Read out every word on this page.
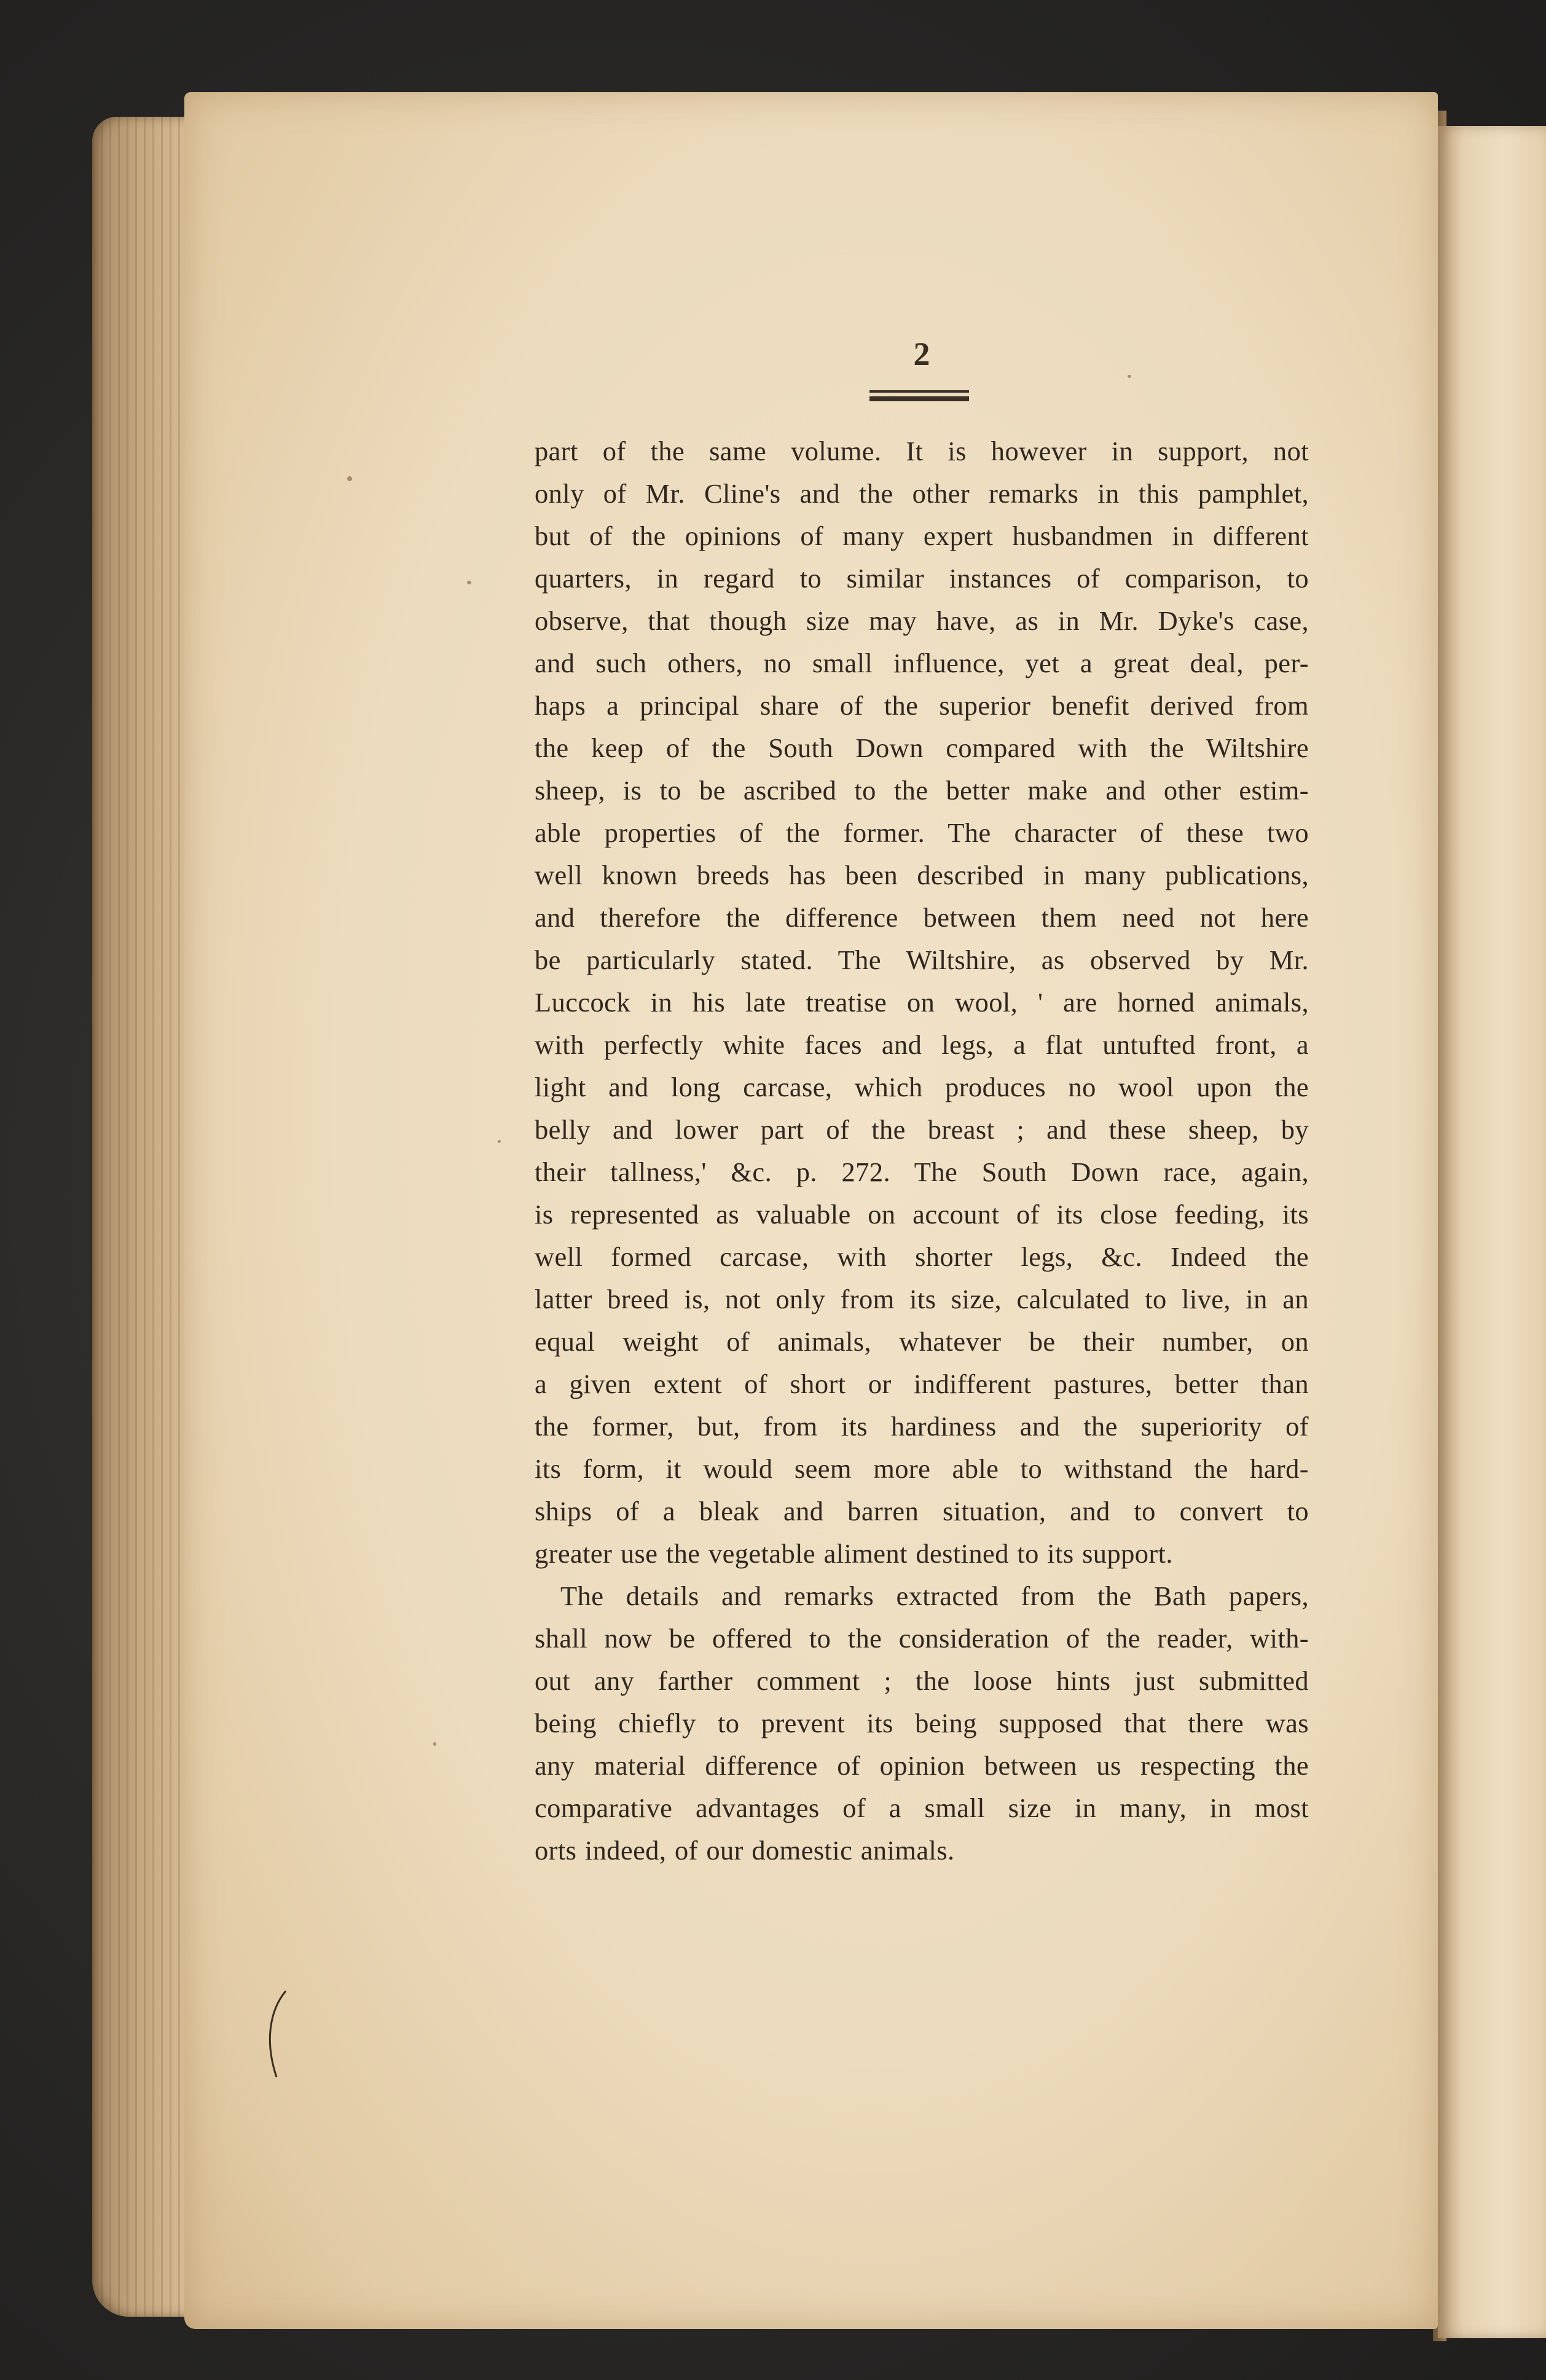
2
part of the same volume. It is however in support, not
only of Mr. Cline's and the other remarks in this pamphlet,
but of the opinions of many expert husbandmen in different
quarters, in regard to similar instances of comparison, to
observe, that though size may have, as in Mr. Dyke's case,
and such others, no small influence, yet a great deal, per-
haps a principal share of the superior benefit derived from
the keep of the South Down compared with the Wiltshire
sheep, is to be ascribed to the better make and other estim-
able properties of the former. The character of these two
well known breeds has been described in many publications,
and therefore the difference between them need not here
be particularly stated. The Wiltshire, as observed by Mr.
Luccock in his late treatise on wool, ' are horned animals,
with perfectly white faces and legs, a flat untufted front, a
light and long carcase, which produces no wool upon the
belly and lower part of the breast ; and these sheep, by
their tallness,' &c. p. 272. The South Down race, again,
is represented as valuable on account of its close feeding, its
well formed carcase, with shorter legs, &c. Indeed the
latter breed is, not only from its size, calculated to live, in an
equal weight of animals, whatever be their number, on
a given extent of short or indifferent pastures, better than
the former, but, from its hardiness and the superiority of
its form, it would seem more able to withstand the hard-
ships of a bleak and barren situation, and to convert to
greater use the vegetable aliment destined to its support.
The details and remarks extracted from the Bath papers,
shall now be offered to the consideration of the reader, with-
out any farther comment ; the loose hints just submitted
being chiefly to prevent its being supposed that there was
any material difference of opinion between us respecting the
comparative advantages of a small size in many, in most
orts indeed, of our domestic animals.
